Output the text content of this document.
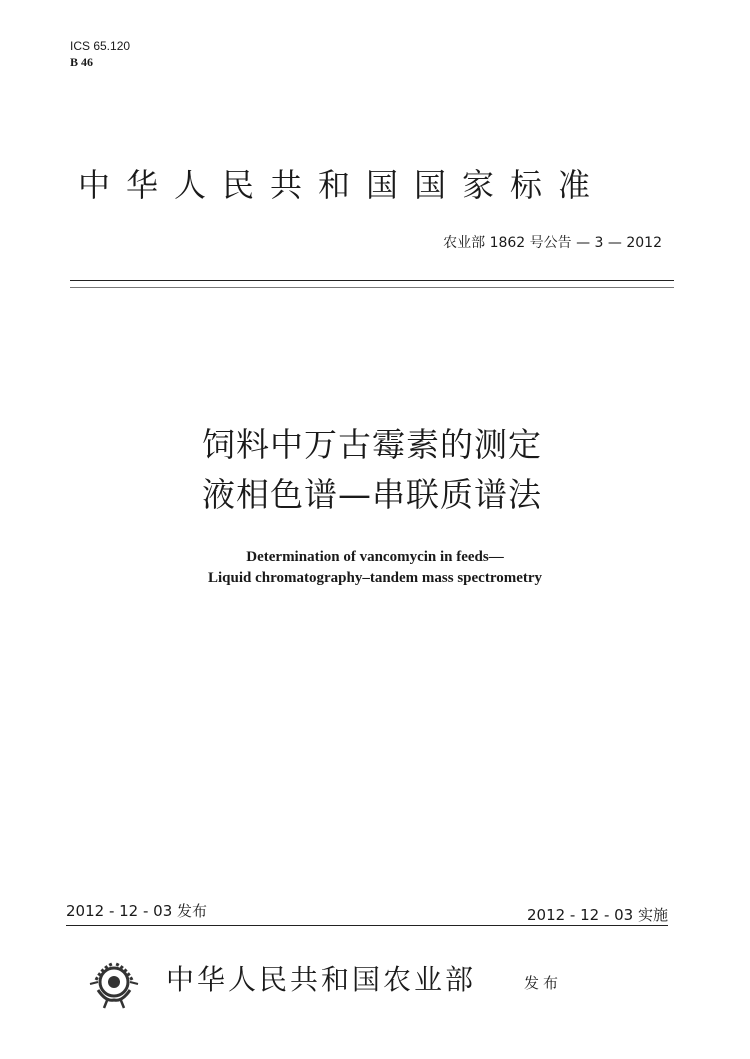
ICS 65.120
B 46
中华人民共和国国家标准
农业部 1862 号公告 — 3 — 2012
饲料中万古霉素的测定
液相色谱—串联质谱法
Determination of vancomycin in feeds—
Liquid chromatography–tandem mass spectrometry
2012 - 12 - 03 发布	2012 - 12 - 03 实施
中华人民共和国农业部	发布
